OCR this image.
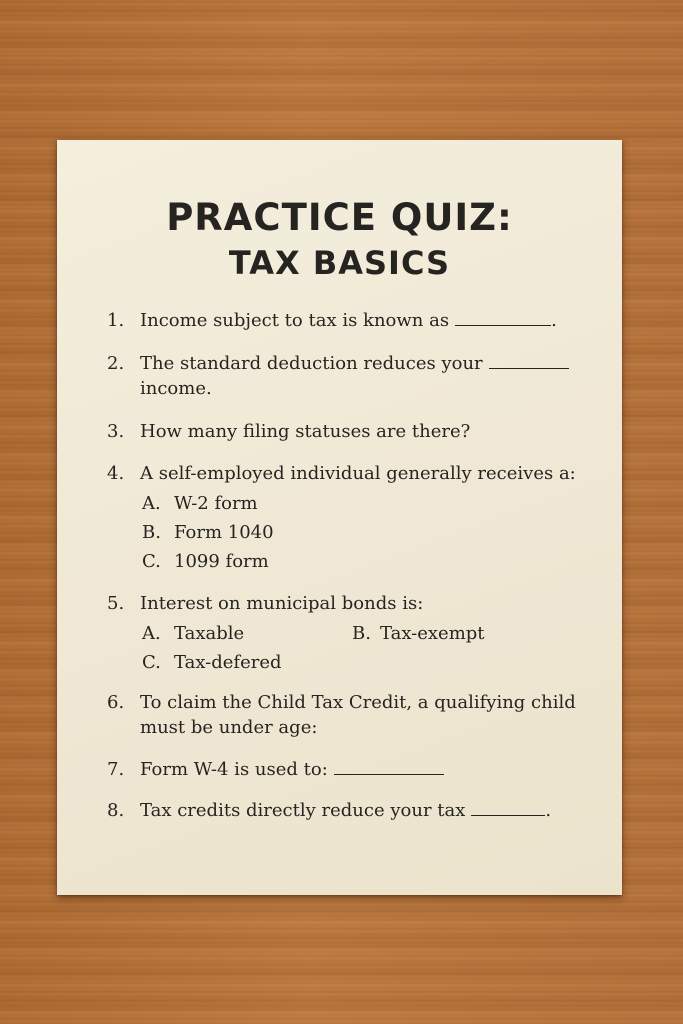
PRACTICE QUIZ:
TAX BASICS
1. Income subject to tax is known as	.
2. The standard deduction reduces your
income.
3. How many filing statuses are there?
4. A self-employed individual generally receives a:
A. W-2 form
B. Form 1040
C. 1099 form
5. Interest on municipal bonds is:
A. Taxable	B. Tax-exempt
C. Tax-defered
6. To claim the Child Tax Credit, a qualifying child must be under age:
7. Form W-4 is used to:
8. Tax credits directly reduce your tax	.
